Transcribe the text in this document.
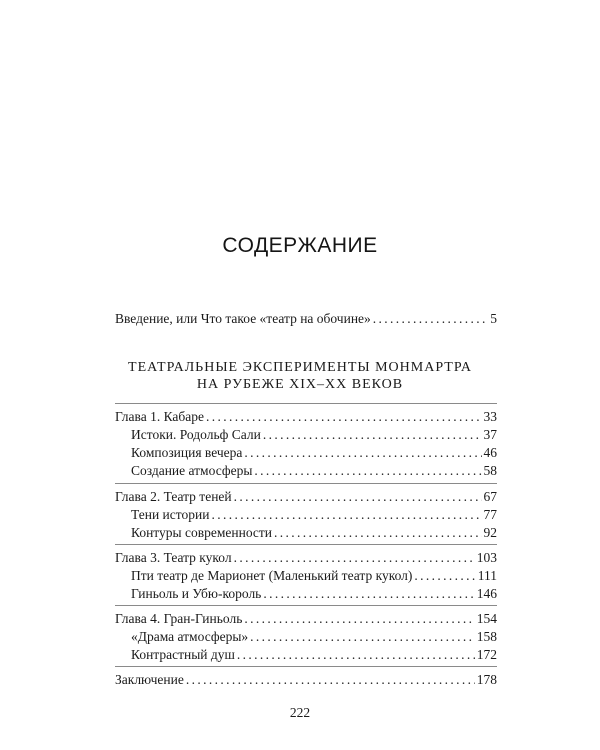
СОДЕРЖАНИЕ
Введение, или Что такое «театр на обочине» . . .	5
ТЕАТРАЛЬНЫЕ ЭКСПЕРИМЕНТЫ МОНМАРТРА
НА РУБЕЖЕ XIX–XX ВЕКОВ
Глава 1. Кабаре . . .	33
Истоки. Родольф Сали . . .	37
Композиция вечера . . .	46
Создание атмосферы . . .	58
Глава 2. Театр теней . . .	67
Тени истории . . .	77
Контуры современности . . .	92
Глава 3. Театр кукол . . .	103
Пти театр де Марионет (Маленький театр кукол) . . .	111
Гиньоль и Убю-король . . .	146
Глава 4. Гран-Гиньоль . . .	154
«Драма атмосферы» . . .	158
Контрастный душ . . .	172
Заключение . . .	178
222
